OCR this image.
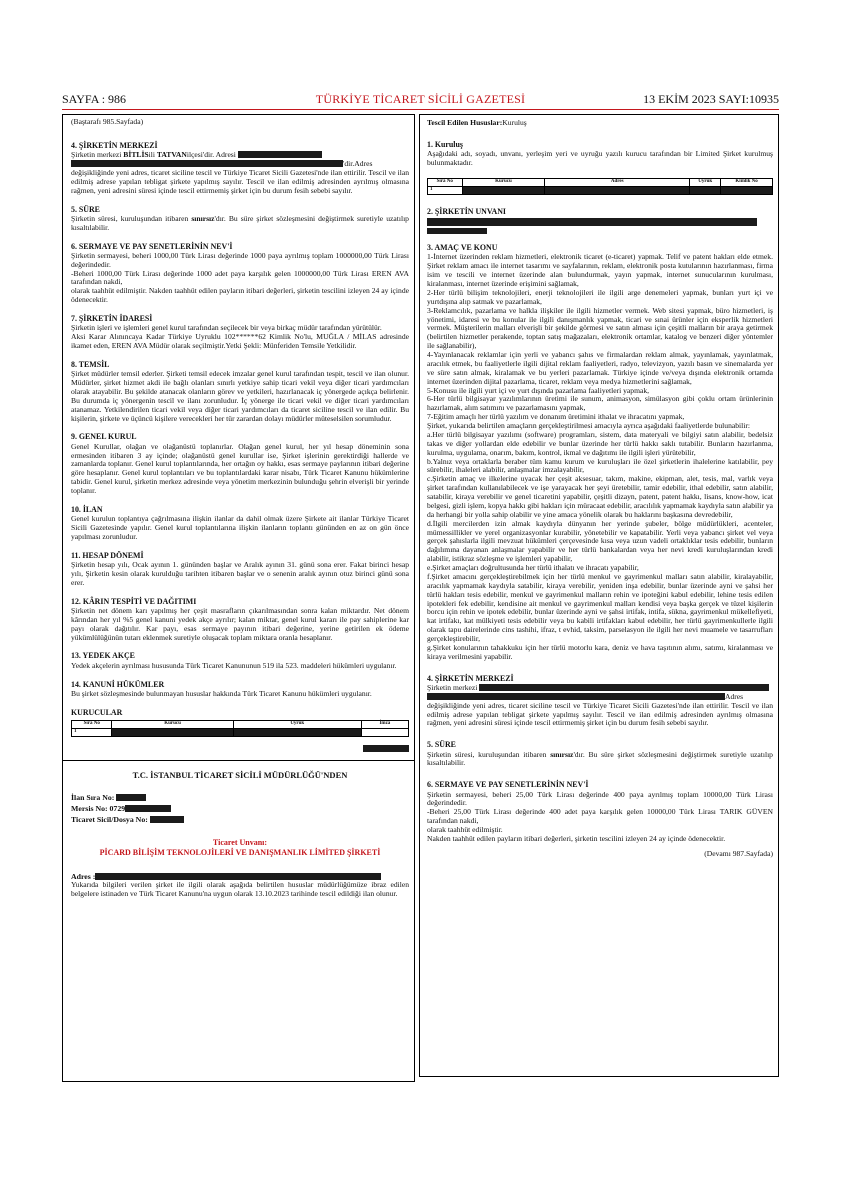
SAYFA : 986	TÜRKİYE TİCARET SİCİLİ GAZETESİ	13 EKİM 2023 SAYI:10935

(Baştarafı 985.Sayfada)

4. ŞİRKETİN MERKEZİ

Şirketin merkezi BİTLİSili TATVANilçesi'dir. Adresi

'dir.Adres

değişikliğinde yeni adres, ticaret siciline tescil ve Türkiye Ticaret Sicili Gazetesi'nde ilan ettirilir. Tescil ve ilan edilmiş adrese yapılan tebligat şirkete yapılmış sayılır. Tescil ve ilan edilmiş adresinden ayrılmış olmasına rağmen, yeni adresini süresi içinde tescil ettirmemiş şirket için bu durum fesih sebebi sayılır.

5. SÜRE

Şirketin süresi, kuruluşundan itibaren sınırsız'dır. Bu süre şirket sözleşmesini değiştirmek suretiyle uzatılıp kısaltılabilir.

6. SERMAYE VE PAY SENETLERİNİN NEV'İ

Şirketin sermayesi, beheri 1000,00 Türk Lirası değerinde 1000 paya ayrılmış toplam 1000000,00 Türk Lirası değerindedir.

-Beheri 1000,00 Türk Lirası değerinde 1000 adet paya karşılık gelen 1000000,00 Türk Lirası EREN AVA tarafından nakdi,

olarak taahhüt edilmiştir. Nakden taahhüt edilen payların itibari değerleri, şirketin tescilini izleyen 24 ay içinde ödenecektir.

7. ŞİRKETİN İDARESİ

Şirketin işleri ve işlemleri genel kurul tarafından seçilecek bir veya birkaç müdür tarafından yürütülür.

Aksi Karar Alınıncaya Kadar Türkiye Uyruklu 102******62 Kimlik No'lu, MUĞLA / MİLAS adresinde ikamet eden, EREN AVA Müdür olarak seçilmiştir.Yetki Şekli: Münferiden Temsile Yetkilidir.

8. TEMSİL

Şirket müdürler temsil ederler. Şirketi temsil edecek imzalar genel kurul tarafından tespit, tescil ve ilan olunur. Müdürler, şirket hizmet akdi ile bağlı olanları sınırlı yetkiye sahip ticari vekil veya diğer ticari yardımcıları olarak atayabilir. Bu şekilde atanacak olanların görev ve yetkileri, hazırlanacak iç yönergede açıkça belirlenir. Bu durumda iç yönergenin tescil ve ilanı zorunludur. İç yönerge ile ticari vekil ve diğer ticari yardımcıları atanamaz. Yetkilendirilen ticari vekil veya diğer ticari yardımcıları da ticaret siciline tescil ve ilan edilir. Bu kişilerin, şirkete ve üçüncü kişilere verecekleri her tür zarardan dolayı müdürler müteselsilen sorumludur.

9. GENEL KURUL

Genel Kurullar, olağan ve olağanüstü toplanırlar. Olağan genel kurul, her yıl hesap döneminin sona ermesinden itibaren 3 ay içinde; olağanüstü genel kurullar ise, Şirket işlerinin gerektirdiği hallerde ve zamanlarda toplanır. Genel kurul toplantılarında, her ortağın oy hakkı, esas sermaye paylarının itibari değerine göre hesaplanır. Genel kurul toplantıları ve bu toplantılardaki karar nisabı, Türk Ticaret Kanunu hükümlerine tabidir. Genel kurul, şirketin merkez adresinde veya yönetim merkezinin bulunduğu şehrin elverişli bir yerinde toplanır.

10. İLAN

Genel kurulun toplantıya çağrılmasına ilişkin ilanlar da dahil olmak üzere Şirkete ait ilanlar Türkiye Ticaret Sicili Gazetesinde yapılır. Genel kurul toplantılarına ilişkin ilanların toplantı gününden en az on gün önce yapılması zorunludur.

11. HESAP DÖNEMİ

Şirketin hesap yılı, Ocak ayının 1. gününden başlar ve Aralık ayının 31. günü sona erer. Fakat birinci hesap yılı, Şirketin kesin olarak kurulduğu tarihten itibaren başlar ve o senenin aralık ayının otuz birinci günü sona erer.

12. KÂRIN TESPİTİ VE DAĞITIMI

Şirketin net dönem karı yapılmış her çeşit masrafların çıkarılmasından sonra kalan miktardır. Net dönem kârından her yıl %5 genel kanuni yedek akçe ayrılır; kalan miktar, genel kurul kararı ile pay sahiplerine kar payı olarak dağıtılır. Kar payı, esas sermaye payının itibari değerine, yerine getirilen ek ödeme yükümlülüğünün tutarı eklenmek suretiyle oluşacak toplam miktara oranla hesaplanır.

13. YEDEK AKÇE

Yedek akçelerin ayrılması hususunda Türk Ticaret Kanununun 519 ila 523. maddeleri hükümleri uygulanır.

14. KANUNİ HÜKÜMLER

Bu şirket sözleşmesinde bulunmayan hususlar hakkında Türk Ticaret Kanunu hükümleri uygulanır.

KURUCULAR
Sıra No	Kurucu	Uyruk	İmza
1			
T.C. İSTANBUL TİCARET SİCİLİ MÜDÜRLÜĞÜ'NDEN
İlan Sıra No:
Mersis No: 0729
Ticaret Sicil/Dosya No:
Ticaret Unvanı:
PİCARD BİLİŞİM TEKNOLOJİLERİ VE DANIŞMANLIK LİMİTED ŞİRKETİ
Adres :

Yukarıda bilgileri verilen şirket ile ilgili olarak aşağıda belirtilen hususlar müdürlüğümüze ibraz edilen belgelere istinaden ve Türk Ticaret Kanunu'na uygun olarak 13.10.2023 tarihinde tescil edildiği ilan olunur.

Tescil Edilen Hususlar:Kuruluş

1. Kuruluş

Aşağıdaki adı, soyadı, unvanı, yerleşim yeri ve uyruğu yazılı kurucu tarafından bir Limited Şirket kurulmuş bulunmaktadır.

Sıra No	Kurucu	Adres	Uyruk	Kimlik No
1				
2. ŞİRKETİN UNVANI
3. AMAÇ VE KONU

1-İnternet üzerinden reklam hizmetleri, elektronik ticaret (e-ticaret) yapmak. Telif ve patent hakları elde etmek. Şirket reklam amacı ile internet tasarımı ve sayfalarının, reklam, elektronik posta kutularının hazırlanması, firma isim ve tescili ve internet üzerinde alan bulundurmak, yayın yapmak, internet sunucularının kurulması, kiralanması, internet üzerinde erişimini sağlamak,

2-Her türlü bilişim teknolojileri, enerji teknolojileri ile ilgili arge denemeleri yapmak, bunları yurt içi ve yurtdışına alıp satmak ve pazarlamak,

3-Reklamcılık, pazarlama ve halkla ilişkiler ile ilgili hizmetler vermek. Web sitesi yapmak, büro hizmetleri, iş yönetimi, idaresi ve bu konular ile ilgili danışmanlık yapmak, ticari ve sınai ürünler için eksperlik hizmetleri vermek. Müşterilerin malları elverişli bir şekilde görmesi ve satın alması için çeşitli malların bir araya getirmek (belirtilen hizmetler perakende, toptan satış mağazaları, elektronik ortamlar, katalog ve benzeri diğer yöntemler ile sağlanabilir),

4-Yayınlanacak reklamlar için yerli ve yabancı şahıs ve firmalardan reklam almak, yayınlamak, yayınlatmak, aracılık etmek, bu faaliyetlerle ilgili dijital reklam faaliyetleri, radyo, televizyon, yazılı basın ve sinemalarda yer ve süre satın almak, kiralamak ve bu yerleri pazarlamak. Türkiye içinde ve/veya dışında elektronik ortamda internet üzerinden dijital pazarlama, ticaret, reklam veya medya hizmetlerini sağlamak,

5-Konusu ile ilgili yurt içi ve yurt dışında pazarlama faaliyetleri yapmak,

6-Her türlü bilgisayar yazılımlarının üretimi ile sunum, animasyon, simülasyon gibi çoklu ortam ürünlerinin hazırlamak, alım satımını ve pazarlamasını yapmak,

7-Eğitim amaçlı her türlü yazılım ve donanım üretimini ithalat ve ihracatını yapmak,

Şirket, yukarıda belirtilen amaçların gerçekleştirilmesi amacıyla ayrıca aşağıdaki faaliyetlerde bulunabilir:

a.Her türlü bilgisayar yazılımı (software) programları, sistem, data materyali ve bilgiyi satın alabilir, bedelsiz takas ve diğer yollardan elde edebilir ve bunlar üzerinde her türlü hakkı saklı tutabilir. Bunların hazırlanma, kurulma, uygulama, onarım, bakım, kontrol, ikmal ve dağıtımı ile ilgili işleri yürütebilir,

b.Yalnız veya ortaklarla beraber tüm kamu kurum ve kuruluşları ile özel şirketlerin ihalelerine katılabilir, pey sürebilir, ihaleleri alabilir, anlaşmalar imzalayabilir,

c.Şirketin amaç ve ilkelerine uyacak her çeşit aksesuar, takım, makine, ekipman, alet, tesis, mal, varlık veya şirket tarafından kullanılabilecek ve işe yarayacak her şeyi üretebilir, tamir edebilir, ithal edebilir, satın alabilir, satabilir, kiraya verebilir ve genel ticaretini yapabilir, çeşitli dizayn, patent, patent hakkı, lisans, know-how, icat belgesi, gizli işlem, kopya hakkı gibi hakları için müracaat edebilir, aracılılık yapmamak kaydıyla satın alabilir ya da herhangi bir yolla sahip olabilir ve yine amaca yönelik olarak bu haklarını başkasına devredebilir,

d.İlgili mercilerden izin almak kaydıyla dünyanın her yerinde şubeler, bölge müdürlükleri, acenteler, mümessillikler ve yerel organizasyonlar kurabilir, yönetebilir ve kapatabilir. Yerli veya yabancı şirket vel veya gerçek şahıslarla ilgili mevzuat hükümleri çerçevesinde kısa veya uzun vadeli ortaklıklar tesis edebilir, bunların dağılımına dayanan anlaşmalar yapabilir ve her türlü bankalardan veya her nevi kredi kuruluşlarından kredi alabilir, istikraz sözleşme ve işlemleri yapabilir,

e.Şirket amaçları doğrultusunda her türlü ithalatı ve ihracatı yapabilir,

f.Şirket amacını gerçekleştirebilmek için her türlü menkul ve gayrimenkul malları satın alabilir, kiralayabilir, aracılık yapmamak kaydıyla satabilir, kiraya verebilir, yeniden inşa edebilir, bunlar üzerinde ayni ve şahsi her türlü hakları tesis edebilir, menkul ve gayrimenkul malların rehin ve ipoteğini kabul edebilir, lehine tesis edilen ipotekleri fek edebilir, kendisine ait menkul ve gayrimenkul malları kendisi veya başka gerçek ve tüzel kişilerin borcu için rehin ve ipotek edebilir, bunlar üzerinde ayni ve şahsi irtifak, intifa, sükna, gayrimenkul mükellefiyeti, kat irtifakı, kat mülkiyeti tesis edebilir veya bu kabili irtifakları kabul edebilir, her türlü gayrimenkullerle ilgili olarak tapu dairelerinde cins tashihi, ifraz, t evhid, taksim, parselasyon ile ilgili her nevi muamele ve tasarrufları gerçekleştirebilir,

g.Şirket konularının tahakkuku için her türlü motorlu kara, deniz ve hava taşıtının alımı, satımı, kiralanması ve kiraya verilmesini yapabilir.

4. ŞİRKETİN MERKEZİ

Şirketin merkezi

Adres

değişikliğinde yeni adres, ticaret siciline tescil ve Türkiye Ticaret Sicili Gazetesi'nde ilan ettirilir. Tescil ve ilan edilmiş adrese yapılan tebligat şirkete yapılmış sayılır. Tescil ve ilan edilmiş adresinden ayrılmış olmasına rağmen, yeni adresini süresi içinde tescil ettirmemiş şirket için bu durum fesih sebebi sayılır.

5. SÜRE

Şirketin süresi, kuruluşundan itibaren sınırsız'dır. Bu süre şirket sözleşmesini değiştirmek suretiyle uzatılıp kısaltılabilir.

6. SERMAYE VE PAY SENETLERİNİN NEV'İ

Şirketin sermayesi, beheri 25,00 Türk Lirası değerinde 400 paya ayrılmış toplam 10000,00 Türk Lirası değerindedir.

-Beheri 25,00 Türk Lirası değerinde 400 adet paya karşılık gelen 10000,00 Türk Lirası TARIK GÜVEN tarafından nakdi,

olarak taahhüt edilmiştir.

Nakden taahhüt edilen payların itibari değerleri, şirketin tescilini izleyen 24 ay içinde ödenecektir.

(Devamı 987.Sayfada)
